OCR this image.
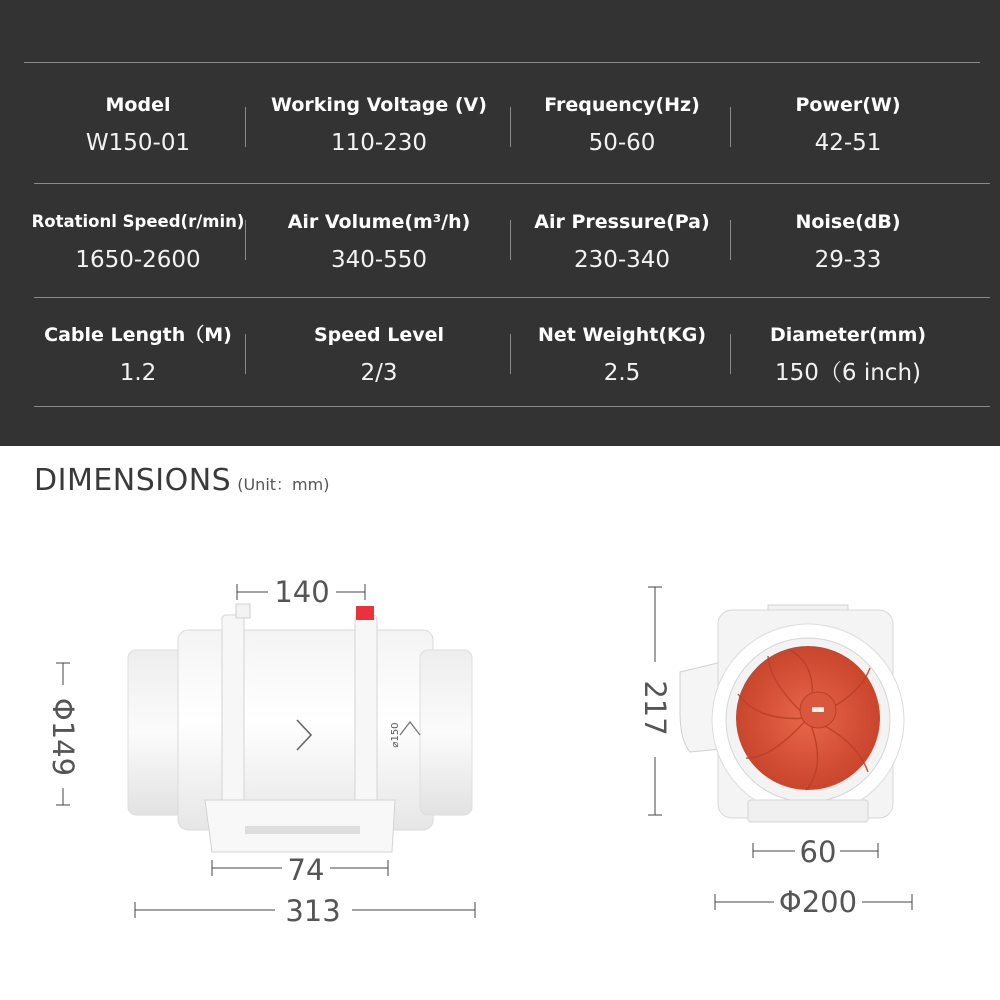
Model
W150-01
Working Voltage (V)
110-230
Frequency(Hz)
50-60
Power(W)
42-51
Rotationl Speed(r/min)
1650-2600
Air Volume(m³/h)
340-550
Air Pressure(Pa)
230-340
Noise(dB)
29-33
Cable Length（M)
1.2
Speed Level
2/3
Net Weight(KG)
2.5
Diameter(mm)
150（6 inch)
DIMENSIONS (Unit：mm)
⌀150
140
Φ149
74
313
217
60
Φ200
